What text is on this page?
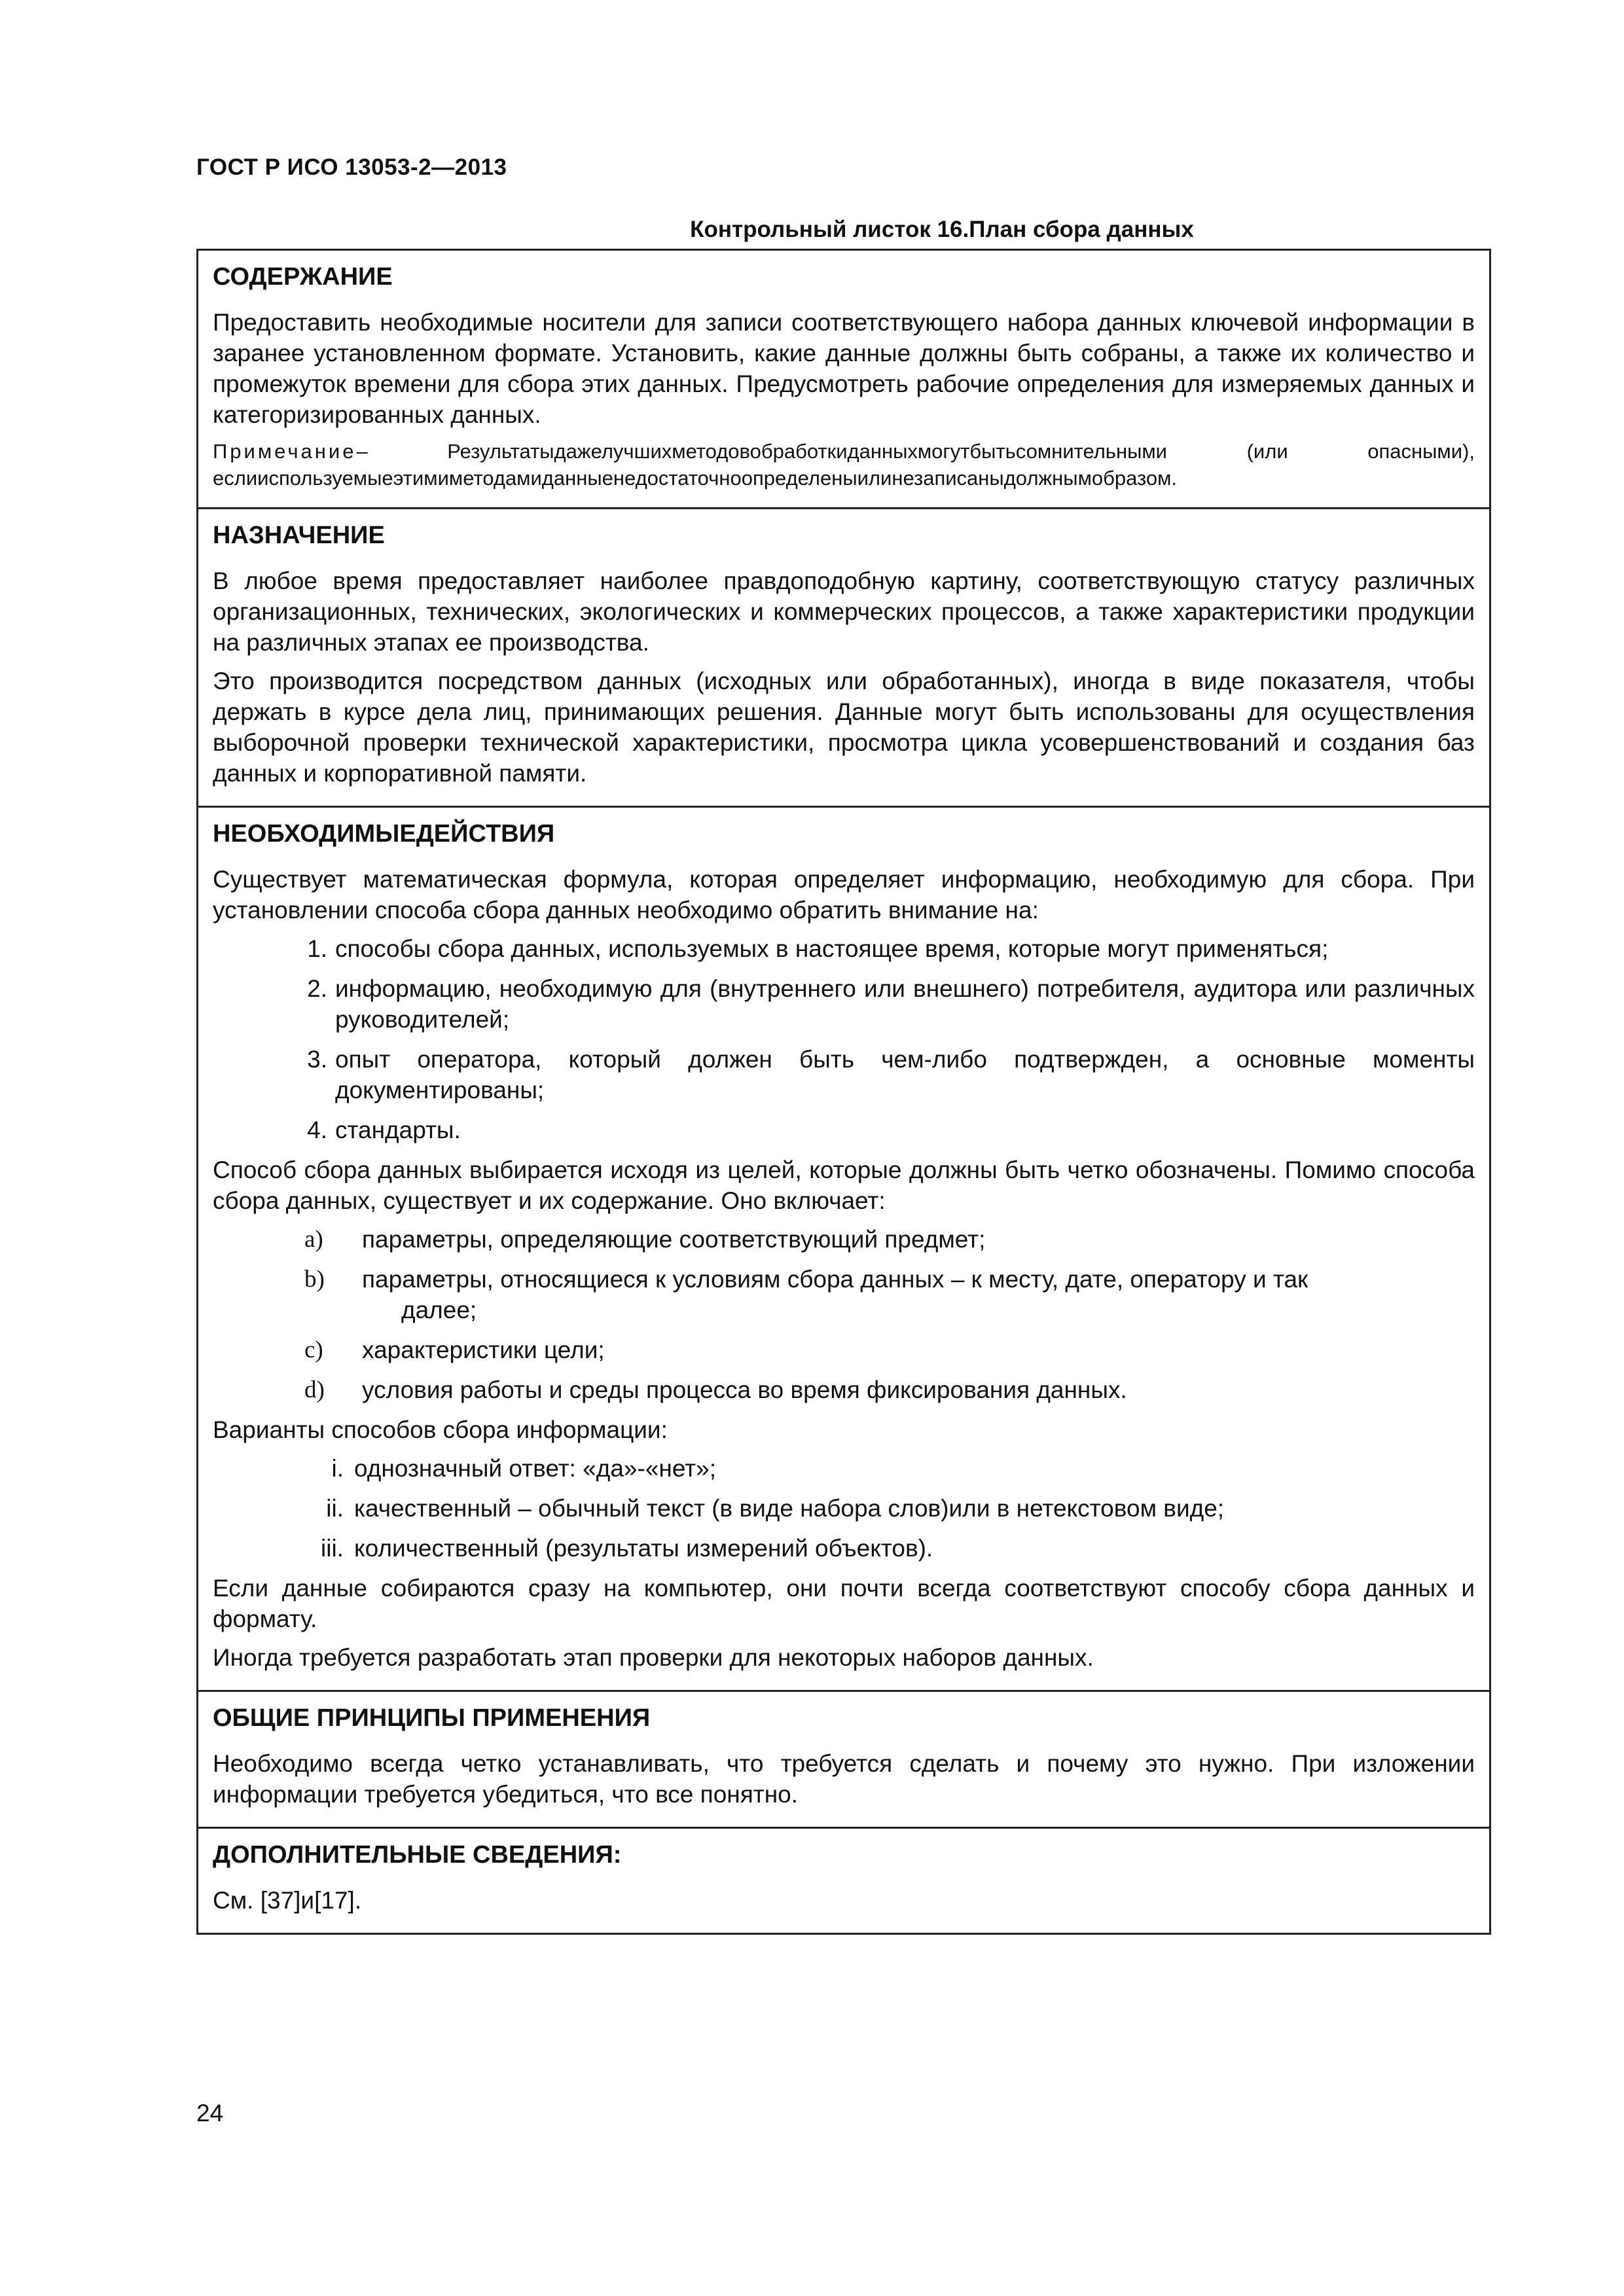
ГОСТ Р ИСО 13053-2—2013
Контрольный листок 16.План сбора данных
СОДЕРЖАНИЕ

Предоставить необходимые носители для записи соответствующего набора данных ключевой информации в заранее установленном формате. Установить, какие данные должны быть собраны, а также их количество и промежуток времени для сбора этих данных. Предусмотреть рабочие определения для измеряемых данных и категоризированных данных.

Примечание– Результатыдажелучшихметодовобработкиданныхмогутбытьсомнительными (или опасными), еслииспользуемыеэтимиметодамиданныенедостаточноопределеныилинезаписаныдолжнымобразом.

НАЗНАЧЕНИЕ

В любое время предоставляет наиболее правдоподобную картину, соответствующую статусу различных организационных, технических, экологических и коммерческих процессов, а также характеристики продукции на различных этапах ее производства.

Это производится посредством данных (исходных или обработанных), иногда в виде показателя, чтобы держать в курсе дела лиц, принимающих решения. Данные могут быть использованы для осуществления выборочной проверки технической характеристики, просмотра цикла усовершенствований и создания баз данных и корпоративной памяти.

НЕОБХОДИМЫЕДЕЙСТВИЯ

Существует математическая формула, которая определяет информацию, необходимую для сбора. При установлении способа сбора данных необходимо обратить внимание на:

1. способы сбора данных, используемых в настоящее время, которые могут применяться;
2. информацию, необходимую для (внутреннего или внешнего) потребителя, аудитора или различных руководителей;
3. опыт оператора, который должен быть чем-либо подтвержден, а основные моменты документированы;
4. стандарты.

Способ сбора данных выбирается исходя из целей, которые должны быть четко обозначены. Помимо способа сбора данных, существует и их содержание. Оно включает:

a)	параметры, определяющие соответствующий предмет;
b) параметры, относящиеся к условиям сбора данных – к месту, дате, оператору и так
далее;
c)	характеристики цели;
d) условия работы и среды процесса во время фиксирования данных.

Варианты способов сбора информации:

i. однозначный ответ: «да»-«нет»;
ii. качественный – обычный текст (в виде набора слов)или в нетекстовом виде;
iii. количественный (результаты измерений объектов).

Если данные собираются сразу на компьютер, они почти всегда соответствуют способу сбора данных и формату.

Иногда требуется разработать этап проверки для некоторых наборов данных.

ОБЩИЕ ПРИНЦИПЫ ПРИМЕНЕНИЯ

Необходимо всегда четко устанавливать, что требуется сделать и почему это нужно. При изложении информации требуется убедиться, что все понятно.

ДОПОЛНИТЕЛЬНЫЕ СВЕДЕНИЯ:

См. [37]и[17].

24
